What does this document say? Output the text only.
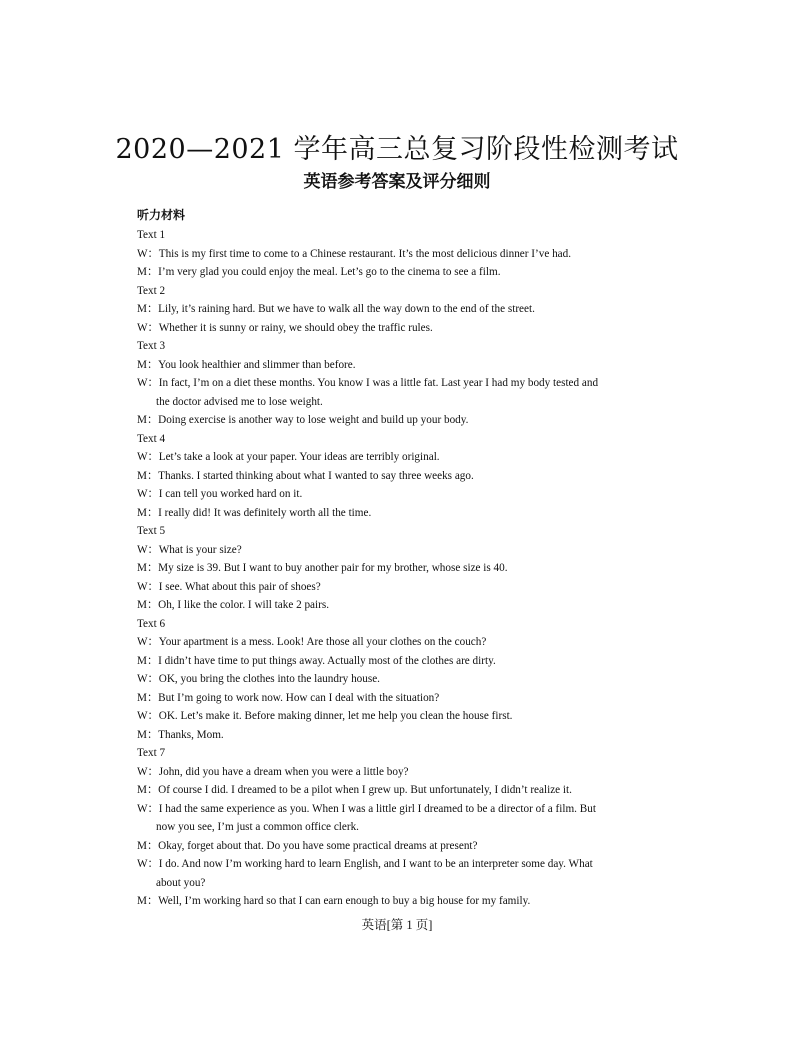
2020—2021 学年高三总复习阶段性检测考试
英语参考答案及评分细则
听力材料
Text 1
W：This is my first time to come to a Chinese restaurant. It’s the most delicious dinner I’ve had.
M：I’m very glad you could enjoy the meal. Let’s go to the cinema to see a film.
Text 2
M：Lily, it’s raining hard. But we have to walk all the way down to the end of the street.
W：Whether it is sunny or rainy, we should obey the traffic rules.
Text 3
M：You look healthier and slimmer than before.
W：In fact, I’m on a diet these months. You know I was a little fat. Last year I had my body tested and
the doctor advised me to lose weight.
M：Doing exercise is another way to lose weight and build up your body.
Text 4
W：Let’s take a look at your paper. Your ideas are terribly original.
M：Thanks. I started thinking about what I wanted to say three weeks ago.
W：I can tell you worked hard on it.
M：I really did! It was definitely worth all the time.
Text 5
W：What is your size?
M：My size is 39. But I want to buy another pair for my brother, whose size is 40.
W：I see. What about this pair of shoes?
M：Oh, I like the color. I will take 2 pairs.
Text 6
W：Your apartment is a mess. Look! Are those all your clothes on the couch?
M：I didn’t have time to put things away. Actually most of the clothes are dirty.
W：OK, you bring the clothes into the laundry house.
M：But I’m going to work now. How can I deal with the situation?
W：OK. Let’s make it. Before making dinner, let me help you clean the house first.
M：Thanks, Mom.
Text 7
W：John, did you have a dream when you were a little boy?
M：Of course I did. I dreamed to be a pilot when I grew up. But unfortunately, I didn’t realize it.
W：I had the same experience as you. When I was a little girl I dreamed to be a director of a film. But
now you see, I’m just a common office clerk.
M：Okay, forget about that. Do you have some practical dreams at present?
W：I do. And now I’m working hard to learn English, and I want to be an interpreter some day. What
about you?
M：Well, I’m working hard so that I can earn enough to buy a big house for my family.
英语[第 1 页]
